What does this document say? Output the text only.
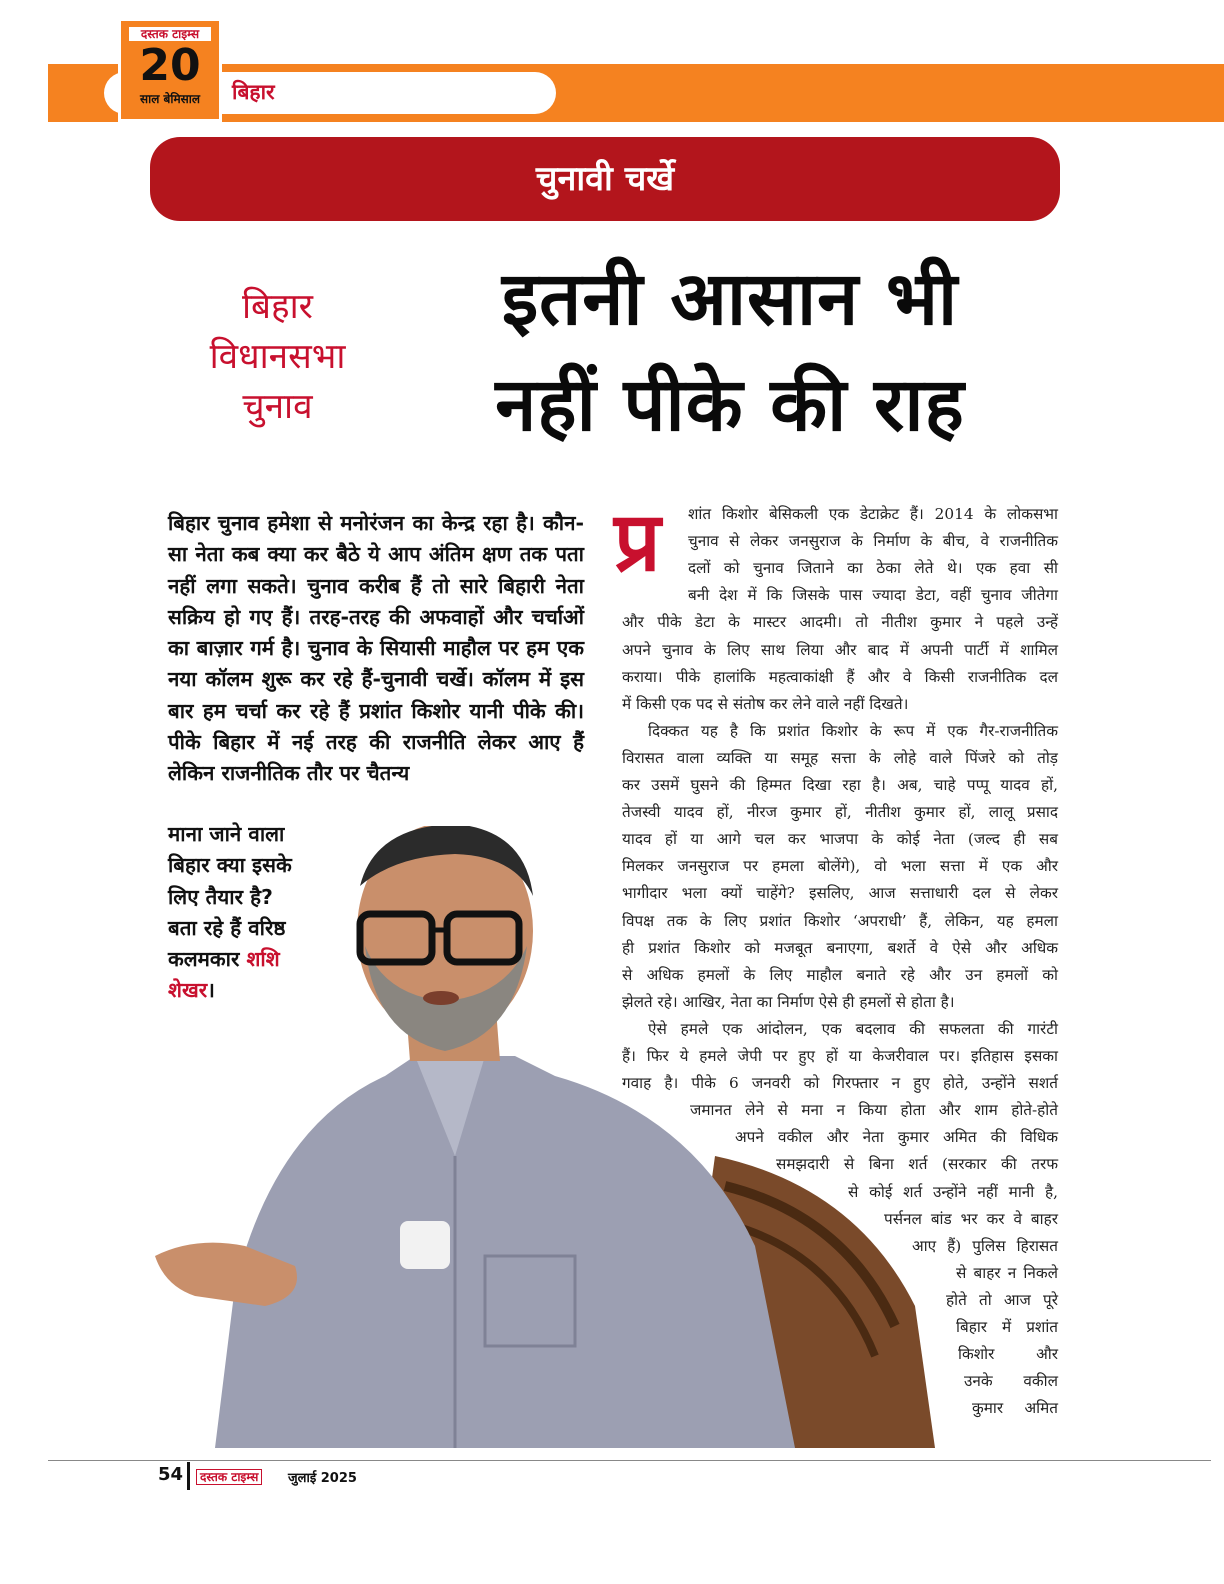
बिहार
दस्तक टाइम्स
20
साल बेमिसाल
चुनावी चर्खे
बिहार
विधानसभा
चुनाव
इतनी आसान भी
नहीं पीके की राह
बिहार चुनाव हमेशा से मनोरंजन का केन्द्र रहा है। कौन-सा नेता कब क्या कर बैठे ये आप अंतिम क्षण तक पता नहीं लगा सकते। चुनाव करीब हैं तो सारे बिहारी नेता सक्रिय हो गए हैं। तरह-तरह की अफवाहों और चर्चाओं का बाज़ार गर्म है। चुनाव के सियासी माहौल पर हम एक नया कॉलम शुरू कर रहे हैं-चुनावी चर्खे। कॉलम में इस बार हम चर्चा कर रहे हैं प्रशांत किशोर यानी पीके की। पीके बिहार में नई तरह की राजनीति लेकर आए हैं लेकिन राजनीतिक तौर पर चैतन्य
माना जाने वाला
बिहार क्या इसके
लिए तैयार है?
बता रहे हैं वरिष्ठ
कलमकार शशि
शेखर।
प्र शांत किशोर बेसिकली एक डेटाक्रेट हैं। 2014 के लोकसभा
चुनाव से लेकर जनसुराज के निर्माण के बीच, वे राजनीतिक
दलों को चुनाव जिताने का ठेका लेते थे। एक हवा सी
बनी देश में कि जिसके पास ज्यादा डेटा, वहीं चुनाव जीतेगा
और पीके डेटा के मास्टर आदमी। तो नीतीश कुमार ने पहले उन्हें
अपने चुनाव के लिए साथ लिया और बाद में अपनी पार्टी में शामिल
कराया। पीके हालांकि महत्वाकांक्षी हैं और वे किसी राजनीतिक दल
में किसी एक पद से संतोष कर लेने वाले नहीं दिखते।
दिक्कत यह है कि प्रशांत किशोर के रूप में एक गैर-राजनीतिक
विरासत वाला व्यक्ति या समूह सत्ता के लोहे वाले पिंजरे को तोड़
कर उसमें घुसने की हिम्मत दिखा रहा है। अब, चाहे पप्पू यादव हों,
तेजस्वी यादव हों, नीरज कुमार हों, नीतीश कुमार हों, लालू प्रसाद
यादव हों या आगे चल कर भाजपा के कोई नेता (जल्द ही सब
मिलकर जनसुराज पर हमला बोलेंगे), वो भला सत्ता में एक और
भागीदार भला क्यों चाहेंगे? इसलिए, आज सत्ताधारी दल से लेकर
विपक्ष तक के लिए प्रशांत किशोर ‘अपराधी’ हैं, लेकिन, यह हमला
ही प्रशांत किशोर को मजबूत बनाएगा, बशर्ते वे ऐसे और अधिक
से अधिक हमलों के लिए माहौल बनाते रहे और उन हमलों को
झेलते रहे। आखिर, नेता का निर्माण ऐसे ही हमलों से होता है।
ऐसे हमले एक आंदोलन, एक बदलाव की सफलता की गारंटी
हैं। फिर ये हमले जेपी पर हुए हों या केजरीवाल पर। इतिहास इसका
गवाह है। पीके 6 जनवरी को गिरफ्तार न हुए होते, उन्होंने सशर्त
जमानत लेने से मना न किया होता और शाम होते-होते
अपने वकील और नेता कुमार अमित की विधिक
समझदारी से बिना शर्त (सरकार की तरफ
से कोई शर्त उन्होंने नहीं मानी है,
पर्सनल बांड भर कर वे बाहर
आए हैं) पुलिस हिरासत
से बाहर न निकले
होते तो आज पूरे
बिहार में प्रशांत
किशोर और
उनके वकील
कुमार अमित
54	दस्तक टाइम्स	जुलाई 2025
